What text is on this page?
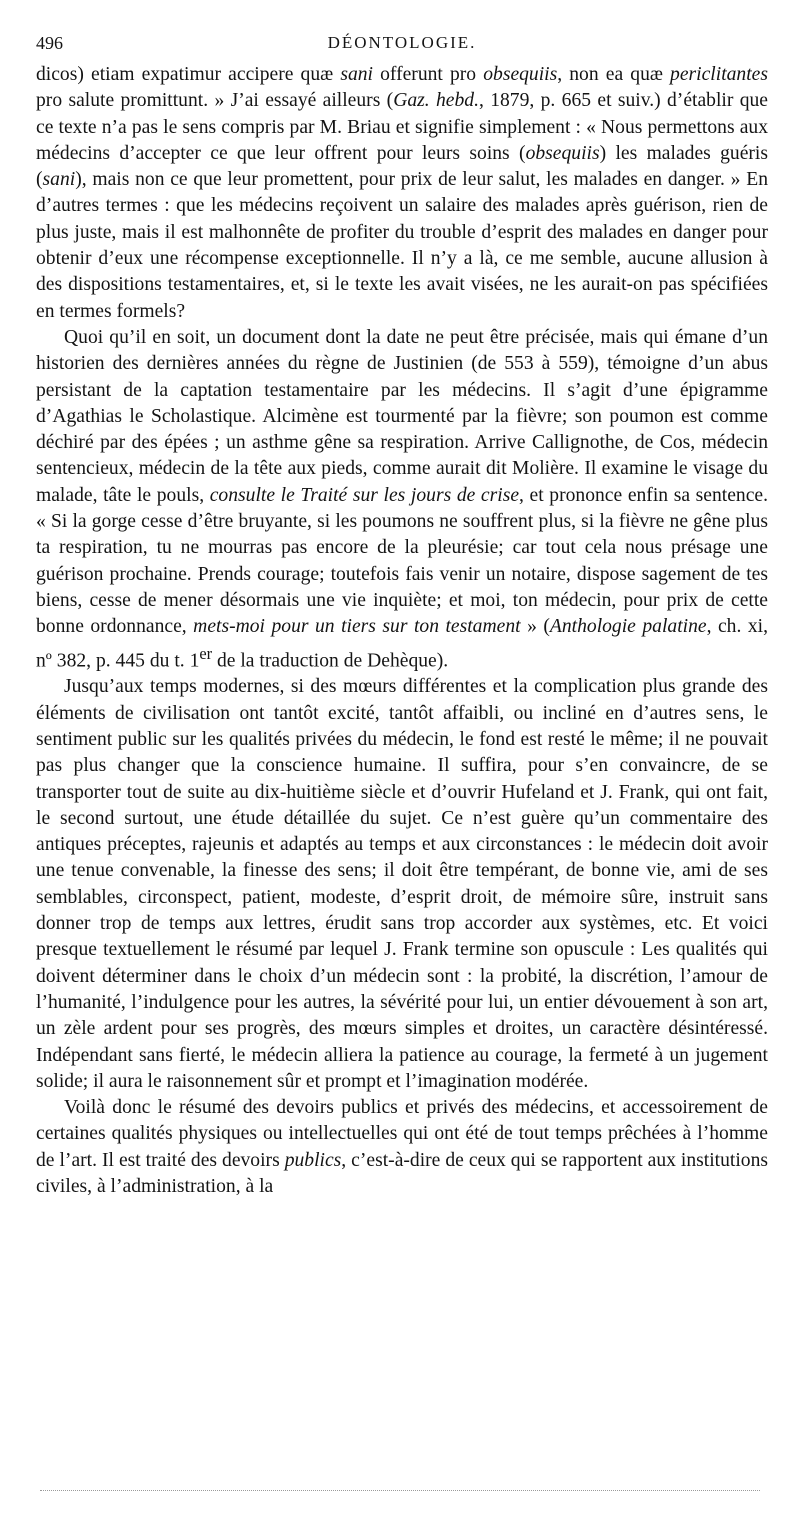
496	DÉONTOLOGIE.

dicos) etiam expatimur accipere quæ sani offerunt pro obsequiis, non ea quæ periclitantes pro salute promittunt. » J’ai essayé ailleurs (Gaz. hebd., 1879, p. 665 et suiv.) d’établir que ce texte n’a pas le sens compris par M. Briau et signifie simplement : « Nous permettons aux médecins d’accepter ce que leur offrent pour leurs soins (obsequiis) les malades guéris (sani), mais non ce que leur promettent, pour prix de leur salut, les malades en danger. » En d’autres termes : que les médecins reçoivent un salaire des malades après guérison, rien de plus juste, mais il est malhonnête de profiter du trouble d’esprit des malades en danger pour obtenir d’eux une récompense exceptionnelle. Il n’y a là, ce me semble, aucune allusion à des dispositions testamentaires, et, si le texte les avait visées, ne les aurait-on pas spécifiées en termes formels?

Quoi qu’il en soit, un document dont la date ne peut être précisée, mais qui émane d’un historien des dernières années du règne de Justinien (de 553 à 559), témoigne d’un abus persistant de la captation testamentaire par les médecins. Il s’agit d’une épigramme d’Agathias le Scholastique. Alcimène est tourmenté par la fièvre; son poumon est comme déchiré par des épées ; un asthme gêne sa respiration. Arrive Callignothe, de Cos, médecin sentencieux, médecin de la tête aux pieds, comme aurait dit Molière. Il examine le visage du malade, tâte le pouls, consulte le Traité sur les jours de crise, et prononce enfin sa sentence. « Si la gorge cesse d’être bruyante, si les poumons ne souffrent plus, si la fièvre ne gêne plus ta respiration, tu ne mourras pas encore de la pleurésie; car tout cela nous présage une guérison prochaine. Prends courage; toutefois fais venir un notaire, dispose sagement de tes biens, cesse de mener désormais une vie inquiète; et moi, ton médecin, pour prix de cette bonne ordonnance, mets-moi pour un tiers sur ton testament » (Anthologie palatine, ch. xi, nº 382, p. 445 du t. 1er de la traduction de Dehèque).

Jusqu’aux temps modernes, si des mœurs différentes et la complication plus grande des éléments de civilisation ont tantôt excité, tantôt affaibli, ou incliné en d’autres sens, le sentiment public sur les qualités privées du médecin, le fond est resté le même; il ne pouvait pas plus changer que la conscience humaine. Il suffira, pour s’en convaincre, de se transporter tout de suite au dix-huitième siècle et d’ouvrir Hufeland et J. Frank, qui ont fait, le second surtout, une étude détaillée du sujet. Ce n’est guère qu’un commentaire des antiques préceptes, rajeunis et adaptés au temps et aux circonstances : le médecin doit avoir une tenue convenable, la finesse des sens; il doit être tempérant, de bonne vie, ami de ses semblables, circonspect, patient, modeste, d’esprit droit, de mémoire sûre, instruit sans donner trop de temps aux lettres, érudit sans trop accorder aux systèmes, etc. Et voici presque textuellement le résumé par lequel J. Frank termine son opuscule : Les qualités qui doivent déterminer dans le choix d’un médecin sont : la probité, la discrétion, l’amour de l’humanité, l’indulgence pour les autres, la sévérité pour lui, un entier dévouement à son art, un zèle ardent pour ses progrès, des mœurs simples et droites, un caractère désintéressé. Indépendant sans fierté, le médecin alliera la patience au courage, la fermeté à un jugement solide; il aura le raisonnement sûr et prompt et l’imagination modérée.

Voilà donc le résumé des devoirs publics et privés des médecins, et accessoirement de certaines qualités physiques ou intellectuelles qui ont été de tout temps prêchées à l’homme de l’art. Il est traité des devoirs publics, c’est-à-dire de ceux qui se rapportent aux institutions civiles, à l’administration, à la
